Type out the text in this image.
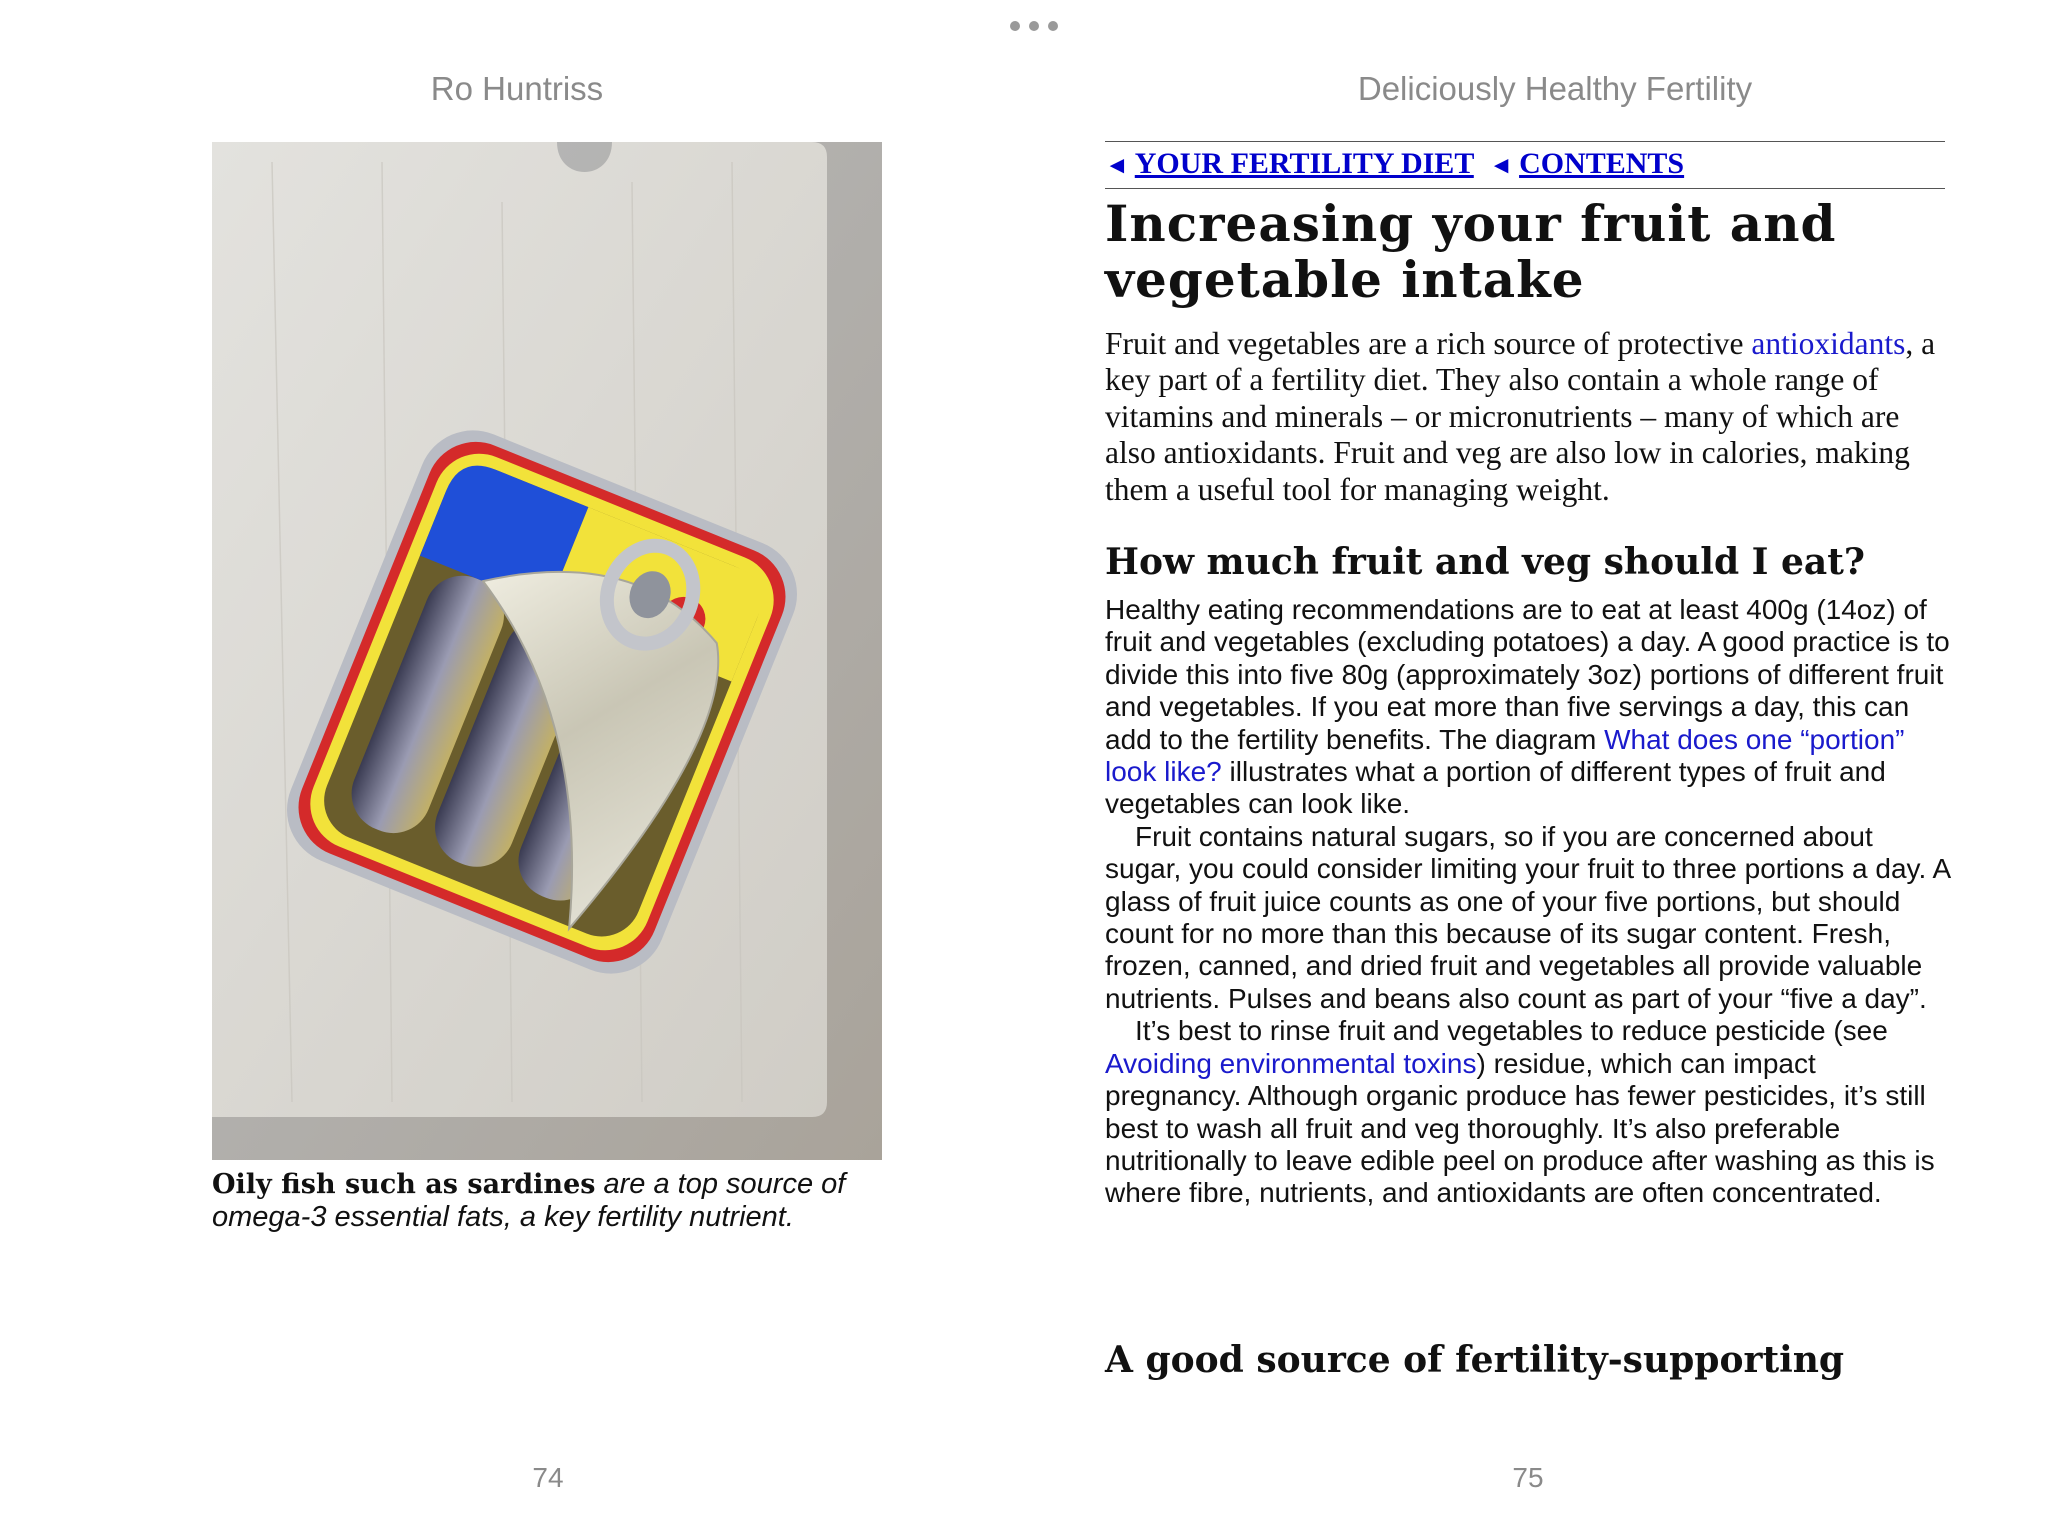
Ro Huntriss	Deliciously Healthy Fertility
Oily fish such as sardines are a top source of omega-3 essential fats, a key fertility nutrient.
◄ YOUR FERTILITY DIET ◄ CONTENTS
Increasing your fruit and vegetable intake
Fruit and vegetables are a rich source of protective antioxidants, a key part of a fertility diet. They also contain a whole range of vitamins and minerals – or micronutrients – many of which are also antioxidants. Fruit and veg are also low in calories, making them a useful tool for managing weight.
How much fruit and veg should I eat?

Healthy eating recommendations are to eat at least 400g (14oz) of fruit and vegetables (excluding potatoes) a day. A good practice is to divide this into five 80g (approximately 3oz) portions of different fruit and vegetables. If you eat more than five servings a day, this can add to the fertility benefits. The diagram What does one “portion” look like? illustrates what a portion of different types of fruit and vegetables can look like.

Fruit contains natural sugars, so if you are concerned about sugar, you could consider limiting your fruit to three portions a day. A glass of fruit juice counts as one of your five portions, but should count for no more than this because of its sugar content. Fresh, frozen, canned, and dried fruit and vegetables all provide valuable nutrients. Pulses and beans also count as part of your “five a day”.

It’s best to rinse fruit and vegetables to reduce pesticide (see Avoiding environmental toxins) residue, which can impact pregnancy. Although organic produce has fewer pesticides, it’s still best to wash all fruit and veg thoroughly. It’s also preferable nutritionally to leave edible peel on produce after washing as this is where fibre, nutrients, and antioxidants are often concentrated.

A good source of fertility-supporting
74	75
